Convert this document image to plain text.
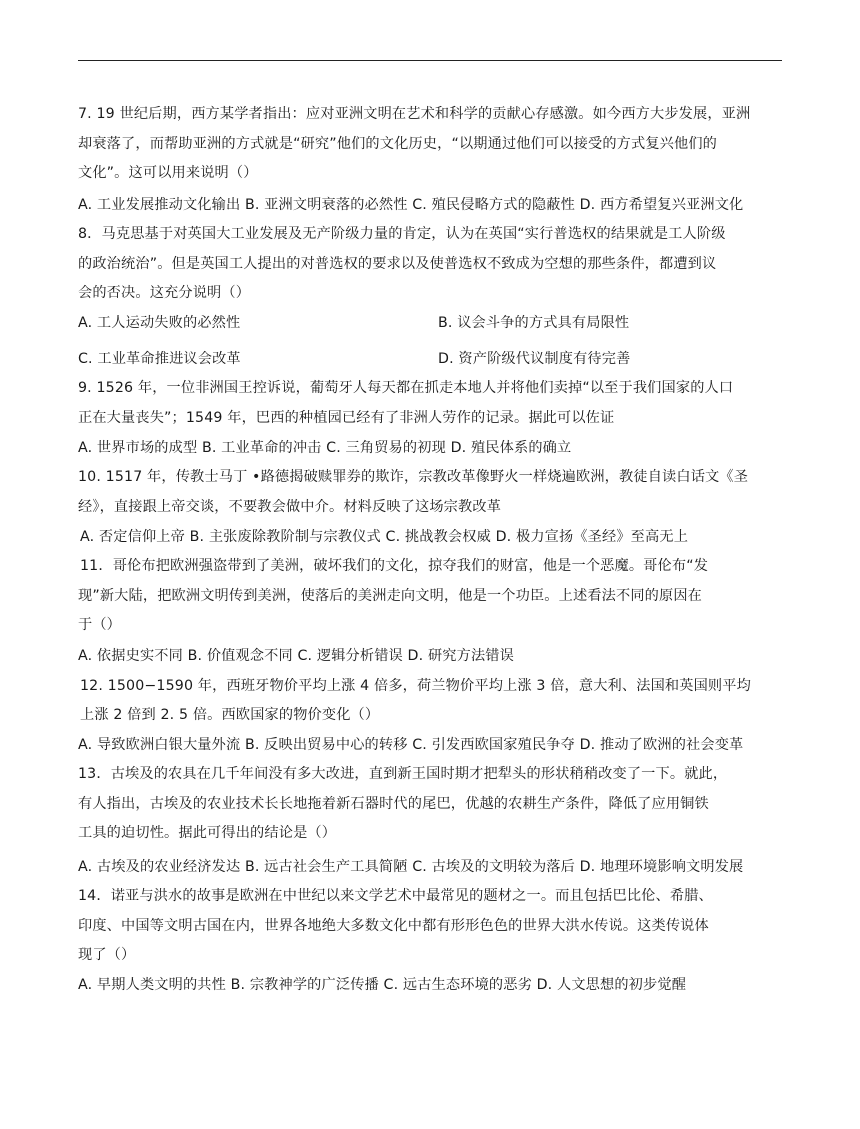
7. 19 世纪后期，西方某学者指出：应对亚洲文明在艺术和科学的贡献心存感激。如今西方大步发展，亚洲
却衰落了，而帮助亚洲的方式就是“研究”他们的文化历史，“以期通过他们可以接受的方式复兴他们的
文化”。这可以用来说明（）
A. 工业发展推动文化输出 B. 亚洲文明衰落的必然性 C. 殖民侵略方式的隐蔽性 D. 西方希望复兴亚洲文化
8．马克思基于对英国大工业发展及无产阶级力量的肯定，认为在英国“实行普选权的结果就是工人阶级
的政治统治”。但是英国工人提出的对普选权的要求以及使普选权不致成为空想的那些条件，都遭到议
会的否决。这充分说明（）
A. 工人运动失败的必然性	B. 议会斗争的方式具有局限性
C. 工业革命推进议会改革	D. 资产阶级代议制度有待完善
9. 1526 年，一位非洲国王控诉说，葡萄牙人每天都在抓走本地人并将他们卖掉“以至于我们国家的人口
正在大量丧失”；1549 年，巴西的种植园已经有了非洲人劳作的记录。据此可以佐证
A. 世界市场的成型 B. 工业革命的冲击 C. 三角贸易的初现 D. 殖民体系的确立
10. 1517 年，传教士马丁 •路德揭破赎罪券的欺诈，宗教改革像野火一样烧遍欧洲，教徒自读白话文《圣
经》，直接跟上帝交谈，不要教会做中介。材料反映了这场宗教改革
A. 否定信仰上帝 B. 主张废除教阶制与宗教仪式 C. 挑战教会权威 D. 极力宣扬《圣经》至高无上
11．哥伦布把欧洲强盗带到了美洲，破坏我们的文化，掠夺我们的财富，他是一个恶魔。哥伦布“发
现”新大陆，把欧洲文明传到美洲，使落后的美洲走向文明，他是一个功臣。上述看法不同的原因在
于（）
A. 依据史实不同 B. 价值观念不同 C. 逻辑分析错误 D. 研究方法错误
12. 1500−1590 年，西班牙物价平均上涨 4 倍多，荷兰物价平均上涨 3 倍，意大利、法国和英国则平均
上涨 2 倍到 2. 5 倍。西欧国家的物价变化（）
A. 导致欧洲白银大量外流 B. 反映出贸易中心的转移 C. 引发西欧国家殖民争夺 D. 推动了欧洲的社会变革
13．古埃及的农具在几千年间没有多大改进，直到新王国时期才把犁头的形状稍稍改变了一下。就此，
有人指出，古埃及的农业技术长长地拖着新石器时代的尾巴，优越的农耕生产条件，降低了应用铜铁
工具的迫切性。据此可得出的结论是（）
A. 古埃及的农业经济发达 B. 远古社会生产工具简陋 C. 古埃及的文明较为落后 D. 地理环境影响文明发展
14．诺亚与洪水的故事是欧洲在中世纪以来文学艺术中最常见的题材之一。而且包括巴比伦、希腊、
印度、中国等文明古国在内，世界各地绝大多数文化中都有形形色色的世界大洪水传说。这类传说体
现了（）
A. 早期人类文明的共性 B. 宗教神学的广泛传播 C. 远古生态环境的恶劣 D. 人文思想的初步觉醒
